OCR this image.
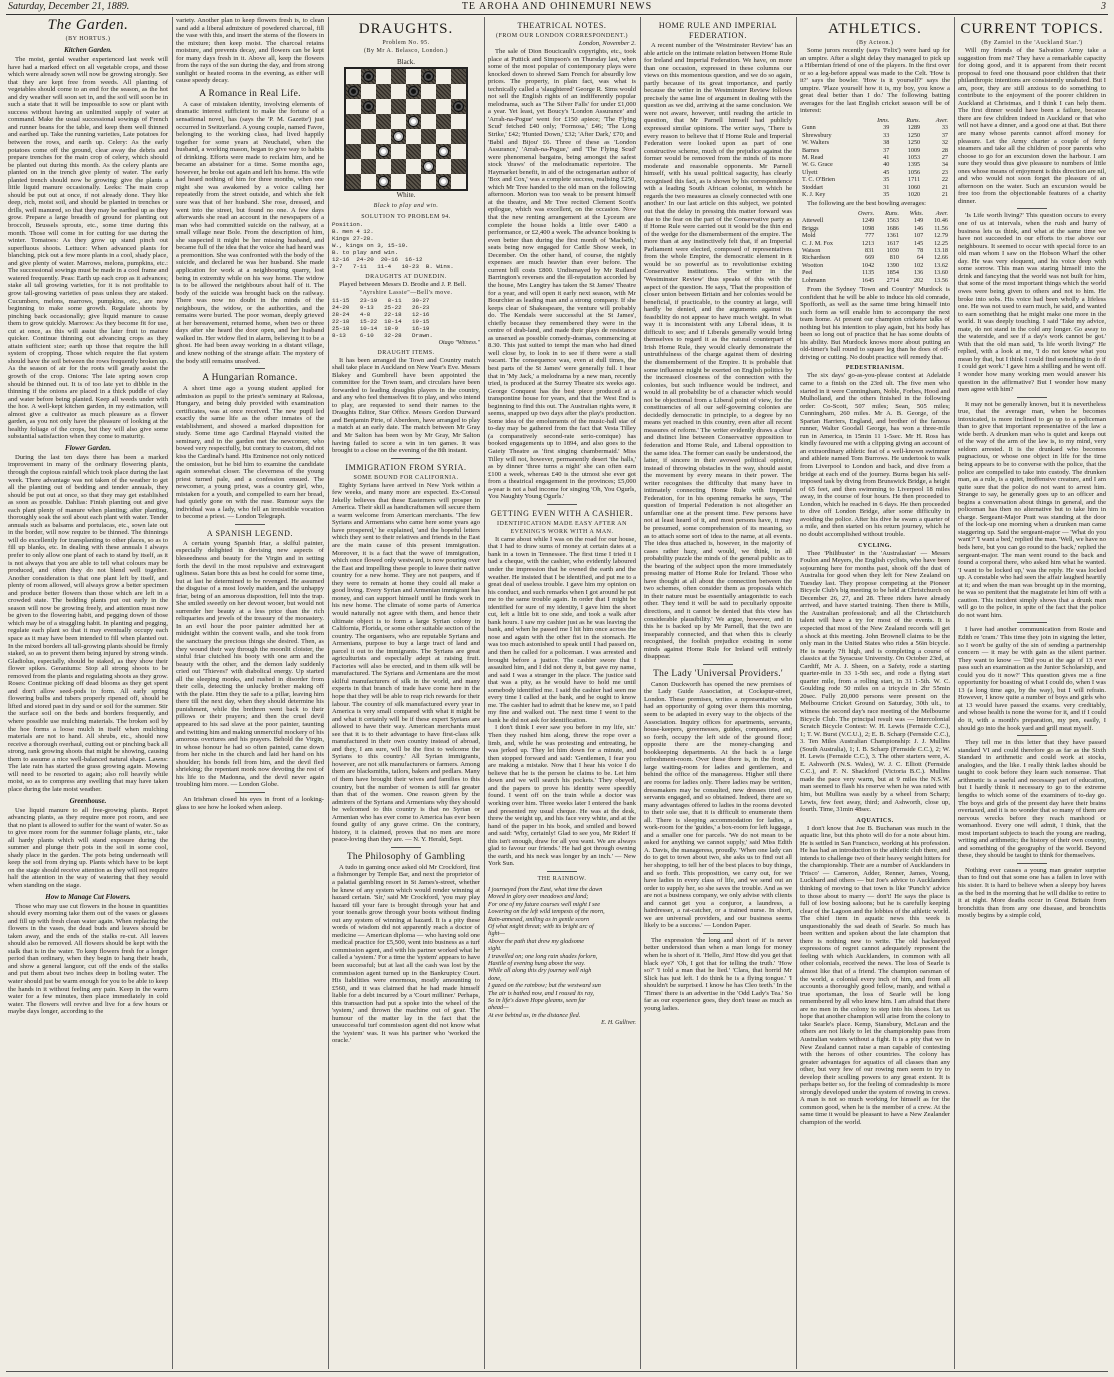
Saturday, December 21, 1889.	TE AROHA AND OHINEMURI NEWS	3
The Garden.
(BY HORTUS.)
Kitchen Garden.

The moist, genial weather experienced last week will have had a marked effect on all vegetable crops, and those which were already sown will now be growing strongly. See that they are kept free from weeds. All planting of vegetables should come to an end for the season, as the hot and dry weather will soon set in, and the soil will soon be in such a state that it will be impossible to sow or plant with success without having an unlimited supply of water at command. Make the usual successional sowings of French and runner beans for the table, and keep them well thinned and earthed up. Take the running varieties, Late potatoes for between the rows, and earth up. Celery: As the early potatoes come off the ground, clear away the debris and prepare trenches for the main crop of celery, which should be planted out during this month. As the celery plants are planted on in the trench give plenty of water. The early planted trench should now be growing: give the plants a little liquid manure occasionally. Leeks: The main crop should be put out at once, if not already done. They like deep, rich, moist soil, and should be planted in trenches or drills, well manured, so that they may be earthed up as they grow. Prepare a large breadth of ground for planting out broccoli, Brussels sprouts, etc., some time during this month. Those will come in for cutting for use during the winter. Tomatoes: As they grow up stand pinch out superfluous shoots. Lettuce: When advanced plants for blanching, pick out a few more plants in a cool, shady place, and give plenty of water. Marrows, melons, pumpkins, etc.: The successional sowings must be made in a cool frame and watered frequently. Peas: Earth up each crop as it advances; stake all tall growing varieties, for it is not profitable to grow tall-growing varieties of peas unless they are staked. Cucumbers, melons, marrows, pumpkins, etc., are now beginning to make some growth. Regulate shoots by pinching back occasionally; give liquid manure to cause them to grow quickly. Marrows: As they become fit for use, cut at once, as this will assist the later fruit to mature quicker. Continue thinning out advancing crops as they attain sufficient size; earth up those that require the hill system of cropping. Those which require the flat system should have the soil between the rows frequently broken up. As the season of air for the roots will greatly assist the growth of the crop. Onions: The late spring sown crop should be thinned out. It is of too late yet to dibble in the thinning if the onions are placed in a thick puddle of clay and water before being planted. Keep all weeds under with the hoe. A well-kept kitchen garden, in my estimation, will almost give a cultivator as much pleasure as a flower garden, as you not only have the pleasure of looking at the healthy foliage of the crops, but they will also give some substantial satisfaction when they come to maturity.

Flower Garden.

During the last ten days there has been a marked improvement in many of the ordinary flowering plants, through the copious rainfall which took place during the last week. There advantage was not taken of the weather to get all the planting out of bedding and tender annuals, they should be put out at once, so that they may get established as soon as possible. Dahlias: Finish planting out and give each plant plenty of manure when planting; after planting, thoroughly soak the soil about each plant with water. Tender annuals such as balsams and portulacas, etc., sown late out in the border, will now require to be thinned. The thinnings will do excellently for transplanting to other places, so as to fill up blanks, etc. In dealing with these annuals I always prefer to only allow one plant of each to stand by itself, as it is not always that you are able to tell what colours may be produced, and often they do not blend well together. Another consideration is that one plant left by itself, and plenty of room allowed, will always grow a better specimen and produce better flowers than those which are left in a crowded state. The bedding plants put out early in the season will now be growing freely, and attention must now be given to the flowering habit, and pegging down of those which may be of a straggling habit. In planting and pegging, regulate each plant so that it may eventually occupy each space as it may have been intended to fill when planted out. In the mixed borders all tall-growing plants should be firmly staked, so as to prevent them being injured by strong winds. Gladiolus, especially, should be staked, as they show their flower spikes. Geraniums: Stop all strong shoots to be removed from the plants and regulating shoots as they grow. Roses: Continue picking off dead blooms as they get spent and don't allow seed-pods to form. All early spring flowering bulbs and tubers properly ripened off, should be lifted and stored past in dry sand or soil for the summer. Stir the surface soil on the beds and borders frequently, and where possible use mulching materials. The broken soil by the hoe forms a loose mulch in itself when mulching materials are not to hand. All shrubs, etc., should now receive a thorough overhaul, cutting out or pinching back all strong, rank growing shoots that might be showing, causing them to assume a nice well-balanced natural shape. Lawns: The late rain has started the grass growing again. Mowing will need to be resorted to again; also roll heavily while moist, so as to compress any swelling that may have taken place during the late moist weather.

Greenhouse.

Use liquid manure to all free-growing plants. Repot advancing plants, as they require more pot room, and see that no plant is allowed to suffer for the want of water. So as to give more room for the summer foliage plants, etc., take all hardy plants which will stand exposure during the summer and plunge their pots in the soil in some cool, shady place in the garden. The pots being underneath will keep the soil from drying up. Plants which have to be kept on the stage should receive attention as they will not require half the attention in the way of watering that they would when standing on the stage.

How to Manage Cut Flowers.

Those who may use cut flowers in the house in quantities should every morning take them out of the vases or glasses and fill up with fresh clean water again. When replacing the flowers in the vases, the dead buds and leaves should be taken away, and the ends of the stalks re-cut. All leaves should also be removed. All flowers should be kept with the stalk that is in the water. To keep flowers fresh for a longer period than ordinary, when they begin to hang their heads, and show a general languor, cut off the ends of the stalks and put them about two inches deep in boiling water. The water should just be warm enough for you to be able to keep the hands in it without feeling any pain. Keep in the warm water for a few minutes, then place immediately in cold water. The flowers will revive and live for a few hours or maybe days longer, according to the

variety. Another plan to keep flowers fresh is, to clean sand add a liberal admixture of powdered charcoal, fill the vase with this, and insert the stems of the flowers in the mixture; then keep moist. The charcoal retains moisture, and prevents decay, and flowers can be kept for many days fresh in it. Above all, keep the flowers from the rays of the sun during the day, and from strong sunlight or heated rooms in the evening, as either will cause speedy decay.

A Romance in Real Life.

A case of mistaken identity, involving elements of dramatic interest sufficient to make the fortune of a sensational novel, has (says the 'P. M. Gazette') just occurred in Switzerland. A young couple, named Favre, belonging to the working class, had lived happily together for some years at Neuchatel, when the husband, a working mason, began to give way to habits of drinking. Efforts were made to reclaim him, and he became an abstainer for a time. Some months ago, however, he broke out again and left his home. His wife had heard nothing of him for three months, when one night she was awakened by a voice calling her repeatedly from the street outside, and which she felt sure was that of her husband. She rose, dressed, and went into the street, but found no one. A few days afterwards she read an account in the newspapers of a man who had committed suicide on the railway, at a small village near Bole. From the description of him, she suspected it might be her missing husband, and became full of the idea that the voice she had heard was a premonition. She was confronted with the body of the suicide, and declared he was her husband. She made application for work at a neighbouring quarry, lost being in extremity while on his way home. The widow is to be allowed the neighbours about half of it. The body of the suicide was brought back on the railway. There was now no doubt in the minds of the neighbours, the widow, or the authorities, and the remains were buried. The poor woman, deeply grieved at her bereavement, returned home, when two or three days after she heard the door open, and her husband walked in. Her widow fled in alarm, believing it to be a ghost. He had been away working in a distant village, and knew nothing of the strange affair. The mystery of the body still remains unsolved.

A Hungarian Romance.

A short time ago a young student applied for admission as pupil to the priest's seminary at Ralossa, Hungary, and being duly provided with examination certificates, was at once received. The new pupil led exactly the same life as the other inmates of the establishment, and showed a marked disposition for study. Some time ago Cardinal Haynald visited the seminary, and in the garden met the newcomer, who bowed very respectfully, but contrary to custom, did not kiss the Cardinal's hand. His Eminence not only noticed the omission, but he bid him to examine the candidate again somewhat closer. The cleverness of the young priest turned pale, and a confession ensued. The newcomer, a young priest, was a country girl, who, mistaken for a youth, and compelled to earn her bread, had quietly gone on with the ruse. Rumour says the individual was a lady, who fell an irresistible vocation to become a priest. — London Telegraph.

A SPANISH LEGEND.

A certain young Spanish friar, a skilful painter, especially delighted in devising new aspects of bleseedness and beauty for the Virgin and in setting forth the devil in the most repulsive and extravagant ugliness. Satan bore this as best he could for some time, but at last he determined to be revenged. He assumed the disguise of a most lovely maiden, and the unhappy friar, being of an amorous disposition, fell into the trap. She smiled sweetly on her devout wooer, but would not surrender her beauty at a less price than the rich reliquaries and jewels of the treasury of the monastery. In an evil hour the poor painter admitted her at midnight within the convent walls, and she took from the sanctuary the precious things she desired. Then, as they wound their way through the moonlit cloister, the sinful friar clutched his booty with one arm and the beauty with the other, and the demon lady suddenly cried out 'Thieves!' with diabolical energy. Up started all the sleeping monks, and rushed in disorder from their cells, detecting the unlucky brother making off with the plate. Him they tie safe to a pillar, leaving him there till the next day, when they should determine his punishment, while the brethren went back to their pillows or their prayers; and then the cruel devil appeared to his sad slave at the poor painter, taunting and twitting him and making unmerciful mockery of his amorous overtures and his prayers. Behold the Virgin, in whose honour he had so often painted, came down from her niche in the church and laid her hand on his shoulder; his bonds fell from him, and the devil fled shrieking; the repentant monk now devoting the rest of his life to the Madonna, and the devil never again troubling him more. — London Globe.

An Irishman closed his eyes in front of a looking-glass to see how he looked when asleep.

DRAUGHTS.
Problem No. 95.
(By Mr A. Belasco, London.)
Black.
White.
Black to play and win.
SOLUTION TO PROBLEM 94.
Position.
B. men 4 12.
Kings 27-28.
W., kings on 3, 15-19.
B. to play and win.
12-16  24-20  20-16  16-12
3-7   7-11   11-4   10-23  B. Wins.
DRAUGHTS AT DUNEDIN.

Played between Messrs D. Brodie and J. P. Bell.

"Ayrshire Lassie"—Bell's move.
11-15   23-19   8-11   30-27
24-20   9-13   25-22   26-23
28-24   4-8    22-18   12-16
22-18   15-22  18-14   19-15
25-18   10-14  18-9    16-19
8-13    6-10   32-28   Drawn.
Otago "Witness."
DRAUGHT ITEMS.

It has been arranged the Town and Country match shall take place in Auckland on New Year's Eve. Messrs Blakey and Gumbrell have been appointed the committee for the Town team, and circulars have been forwarded to leading draughts players in the country, and any who feel themselves fit to play, and who intend to play, are requested to send their names to the Draughts Editor, Star Office. Messrs Gordon Durward and Benjamin Pirie, of Aberdeen, have arranged to play a match at an early date. The match between Mr Gray and Mr Salton has been won by Mr Gray, Mr Salton having failed to score a win in ten games. It was brought to a close on the evening of the 8th instant.

IMMIGRATION FROM SYRIA.
SOME BOUND FOR CALIFORNIA.

Eighty Syrians have arrived in New York within a few weeks, and many more are expected. Ex-Consul Jekelly believes that these Easterners will prosper in America. Their skill as handicraftsmen will secure them a warm welcome from American merchants. 'The few Syrians and Armenians who came here some years ago have prospered,' he explained, 'and the hopeful letters which they sent to their relatives and friends in the East are the main cause of this present immigration. Moreover, it is a fact that the wave of immigration, which once flowed only westward, is now pouring over the East and impelling these people to leave their native country for a new home. They are not paupers, and if they were to remain at home they could all make a good living. Every Syrian and Armenian immigrant has money, and can support himself until he finds work in his new home. The climate of some parts of America would naturally not agree with them, and hence their ultimate object is to form a large Syrian colony in California, Florida, or some other suitable section of the country. The organisers, who are reputable Syrians and Armenians, purpose to buy a large tract of land and parcel it out to the immigrants. The Syrians are great agriculturists and especially adept at raising fruit. Factories will also be erected, and in them silk will be manufactured. The Syrians and Armenians are the most skilful manufacturers of silk in the world, and many experts in that branch of trade have come here in the hope that they will be able to reap rich rewards for their labour. The country of silk manufactured every year in America is very small compared with what it might be and what it certainly will be if these expert Syrians are allowed to have their way. American merchants must see that it is to their advantage to have first-class silk manufactured in their own country instead of abroad, and they, I am sure, will be the first to welcome the Syrians to this country.' All Syrian immigrants, however, are not silk manufacturers or farmers. Among them are blacksmiths, tailors, bakers and pedlars. Many of them have brought their wives and families to this country, but the number of women is still far greater than that of the women. One reason given by the admirers of the Syrians and Armenians why they should be welcomed to this country is that no Syrian or Armenian who has ever come to America has ever been found guilty of any grave crime. On the contrary, history, it is claimed, proves that no men are more peace-loving than they are. — N. Y. Herald, Sept.

The Philosophy of Gambling

A tudo in gaming once asked old Mr Crockford, first a fishmonger by Temple Bar, and next the proprietor of a palatial gambling resort in St James's-street, whether he knew of any system which would render winning at hazard certain. 'Sir,' said Mr Crockford, 'you may play hazard till your fare is brought through your hat and your toenails grow through your boots without finding out any system of winning at hazard. It is a pity these words of wisdom did not apparently reach a doctor of medicine — American diploma — who having sold one medical practice for £5,500, went into business as a turf commission agent, and with his partner worked what he called a 'system.' For a time the 'system' appears to have been successful; but at last all the cash was lost by the commission agent turned up in the Bankruptcy Court. His liabilities were enormous, mostly amounting to £560, and it was claimed that he had made himself liable for a debt incurred by a 'Court milliner.' Perhaps, this transaction had put a spoke into the wheel of the 'system,' and thrown the machine out of gear. The humour of the matter lay in the fact that the unsuccessful turf commission agent did not know what the 'system' was. It was his partner who 'worked the oracle.'

THEATRICAL NOTES.
(FROM OUR LONDON CORRESPONDENT.)
London, November 2.

The sale of Dion Boucicault's copyrights, etc., took place at Puttick and Simpson's on Thursday last, when some of the most popular of contemporary plays were knocked down to shrewd Sam French for absurdly low prices. The property, in plain fact, was what is technically called a 'slaughtered' George R. Sims would not sell the English rights of an indifferently popular melodrama, such as 'The Silver Falls' for under £1,000 a year. Yet least, yet Boucy's 'London Assurance' and 'Arrah-na-Pogue' went for £150 apiece; 'The Flying Scud' fetched £40 only; 'Formosa,' £46; 'The Long Strike,' £42; 'Hunted Down,' £32; 'After Dark,' £70; and 'Babil and Bijou' £6. Three of these as 'London Assurance,' 'Arrah-na-Pogue,' and 'The Flying Scud' were phenomenal bargains, being amongst the safest stock 'draws' of the melodramatic repertoire. The Haymarket benefit, in aid of the octogenarian author of 'Box and Cox,' was a complete success, realising £250, which Mr Tree handed to the old man on the following afternoon. Morton was too weak to be present himself at the theatre, and Mr Tree recited Clement Scott's epilogue, which was excellent, on the occasion. Now that the new renting arrangement at the Lyceum are complete the house holds a little over £400 a performance, or £2,400 a week. The advance booking is even better than during the first month of 'Macbeth,' seats being now engaged for Cattle Show week, in December. On the other hand, of course, the nightly expenses are much heavier than ever before. The current bill costs £800. Undismayed by Mr Rutland Barrington's reverses and the ill-reputation accorded by the house, Mrs Langtry has taken the St James' Theatre for a year, and will open it early next season, with Mr Bourchier as leading man and a strong company. If she keeps clear of Shakespeare, the venture will probably do. The Kendals were successful at the St James', chiefly because they remembered they were in the centre of drab-land, and made their plays de resistance as unsexed as possible comedy-dramas, commencing at 8.30. This just suited to tempt the man who had dined well close by, to look in to see if there were a stall vacant. The consequence was, even at dull times, the best parts of the St James' were generally full. I hear that in 'My Jack,' a melodrama by a new man, recently tried, is produced at the Surrey Theatre six weeks ago. George Conquest has the best piece produced at a transpontine house for years, and that the West End is beginning to find this out. The Australian rights were, it seems, snapped up two days after the play's production. Some idea of the emoluments of the music-hall star of to-day may be gathered from the fact that Vesta Tilley (a comparatively second-rate serio-comique) has booked engagements up to 1894, and also goes to the Gaiety Theatre as 'first singing chambermaid.' Miss Tilley will not, however, permanently desert 'the halls,' as by dinner 'three turns a night' she can often earn £100 a week, whereas £40 is the utmost she ever got from a theatrical engagement in the provinces; £5,000 a-year is not a bad income for singing 'Oh, You Ogurls, You Naughty Young Ogurls.'

GETTING EVEN WITH A CASHIER.
IDENTIFICATION MADE EASY AFTER AN EVENING'S WORK WITH A MAN.

It came about while I was on the road for our house, that I had to draw sums of money at certain dates at a bank in a town in Tennessee. The first time I tried it I had a cheque, with the cashier, who evidently laboured under the impression that he owned the earth and the weather. He insisted that I be identified, and put me to a great deal of useless trouble. I gave him my opinion on his conduct, and such remarks when I got around he put me to the same trouble again. In order that I might be identified for sure of my identity, I gave him the short cut, left a little bit to one side, and took a walk after bank hours. I saw my cashier just as he was leaving the bank, and when he passed me I hit him once across the nose and again with the other fist in the stomach. He was too much astonished to speak until I had passed on, and then he called for a policeman. I was arrested and brought before a justice. The cashier swore that I assaulted him, and I did not deny it, but gave my name, and said I was a stranger in the place. The justice said that was a pity, as he would have to hold me until somebody identified me. I said the cashier had seen me every time I called at the bank, and he ought to know me. The cashier had to admit that he knew me, so I paid my fine and walked out. The next time I went to the bank he did not ask for identification.

I don't think I ever saw you before in my life, sir.' Then they rushed him along, threw the rope over a limb, and, while he was protesting and entreating, he was jerked up. They let him down for a minute, and then stopped forward and said: 'Gentlemen, I fear you are making a mistake. Now that I hear his voice I do believe that he is the person he claims to be. Let him down and we will search his pockets.' They obeyed, and the papers to prove his identity were speedily found. I went off on the train while a doctor was working over him. Three weeks later I entered the bank and presented my usual cheque. He was at the desk, threw the weight up, and his face very white, and at the hand of the paper in his book, and smiled and bowed and said: 'Why, certainly! Glad to see you, Mr Rider! If this isn't enough, draw for all you want. We are always glad to favour our friends.' He had got through owning the earth, and his neck was longer by an inch.' — New York Sun.

THE RAINBOW.
I journeyed from the East, what time the dawn
Moved in glory over meadows and land;
For one of my future courses well might I see
Lowering on the left wild tempests of the morn,
Rain-annexed, smiling as in gentle scorn
Of what might threat; with its bright arc of
light—
Above the path that drew my gladsome
sight.
I travelled on; one long rain shades forlorn,
Hastile of evening hung above the way.
While all along this dry journey well nigh
done,
I gazed on the rainbow; but the westward sun
The air is bathed now, and I roused its ray,
So in life's dawn Hope gleams, seen far
ahead—
At eve behind us, in the distance fled.
E. H. Gulliver.
HOME RULE AND IMPERIAL FEDERATION.

A recent number of the 'Westminster Review' has an able article on the intimate relation between Home Rule for Ireland and Imperial Federation. We have, on more than one occasion, expressed in these columns our views on this momentous question, and we do so again, partly because of its great importance, and partly because the writer in the Westminster Review follows precisely the same line of argument in dealing with the question as we did, arriving at the same conclusion. We were not aware, however, until reading the article in question, that Mr Parnell himself had publicly expressed similar opinions. The writer says, 'There is every reason to believe that if Home Rule and Imperial Federation were looked upon as part of one constructive scheme, much of the prejudice against the former would be removed from the minds of its more moderate and reasonable opponents. Mr Parnell himself, with his usual political sagacity, has clearly recognised this fact, as is shown by his correspondence with a leading South African colonist, in which he regards the two measures as closely connected with one another.' In our last article on this subject, we pointed out that the delay in pressing this matter forward was due to the fear on the part of the Conservative party as if Home Rule were carried out it would be the thin end of the wedge for the dismemberment of the empire. The more than at any instinctively felt that, if an Imperial Parliament were elected, composed of representatives from the whole Empire, the democratic element in it would be so powerful as to revolutionise existing Conservative institutions. The writer in the 'Westminster Review' thus speaks of this with the aspect of the question. He says, 'That the proposition of closer union between Britain and her colonies would be beneficial, if practicable, to the country at large, will hardly be denied, and the arguments against its feasibility do not appear to have much weight. In what way it is inconsistent with any Liberal ideas, it is difficult to see; and if Liberals generally would bring themselves to regard it as the natural counterpart of Irish Home Rule, they would clearly demonstrate the untruthfulness of the charge against them of desiring the dismemberment of the Empire. It is probable that some influence might be exerted on English politics by the increased closeness of the connection with the colonies, but such influence would be indirect, and would in all probability be of a character which would not be objectional from a Liberal point of view, for the constituencies of all our self-governing colonies are decidedly democratic in principle, to a degree by no means yet reached in this country, even after all recent measures of reform.' The writer evidently draws a clear and distinct line between Conservative opposition to federation and Home Rule, and Liberal opposition to the same idea. The former can easily be understood, the latter, if sincere in their avowed political opinion, instead of throwing obstacles in the way, should assist the movement by every means in their power. The writer recognises the difficulty that many have in intimately connecting Home Rule with Imperial Federation, for in his opening remarks he says, 'The question of Imperial Federation is not altogether an unfamiliar one at the present time. Few persons have not at least heard of it, and most persons have, it may be presumed, some comprehension of its meaning, so as to attach some sort of idea to the name, at all events. The idea thus attached is, however, in the majority of cases rather hazy, and would, we think, in all probability puzzle the minds of the general public as to the bearing of the subject upon the more immediately pressing matter of Home Rule for Ireland. Those who have thought at all about the connection between the two schemes, often consider them as proposals which in their nature must be essentially antagonistic to each other. They tend it will be said to peculiarly opposite directions, and it cannot be denied that this view has considerable plausibility.' We argue, however, and in this he is backed up by Mr Parnell, that the two are inseparably connected, and that when this is clearly recognised, the foolish prejudice existing in some minds against Home Rule for Ireland will entirely disappear.

The Lady 'Universal Providers.'

Canon Duckworth has opened the new premises of the Lady Guide Association, at Cockspur-street, London. These premises, writes a representative who had an opportunity of going over them this morning, seem to be adapted in every way to the objects of the Association. Inquiry offices for apartments, servants, house-keepers, governesses, guides, companions, and so forth, occupy the left side of the ground floor; opposite there are the money-changing and bookkeeping departments. At the back is a large refreshment-room. Over these there is, in the front, a large waiting-room for ladies and gentlemen, and behind the office of the manageress. Higher still there are rooms for ladies only. There ladies may be written, dressmakers may be consulted, new dresses tried on, servants engaged, and so obtained. Indeed, there are so many advantages offered to ladies in the rooms devoted to their sole use, that it is difficult to enumerate them all. There is sleeping accommodation for ladies, a work-room for the 'guides,' a box-room for left luggage, and a smaller one for parcels. 'We do not mean to be asked for anything we cannot supply,' said Miss Edith A. Davis, the manageress, proudly. 'When one lady can do to get to town about two, she asks us to find out all her shopping, to tell her of the best places to buy things, and so forth. This proposition, we carry out, for we have ladies in every class of life, and we send out an order to supply her, so she saves the trouble. And as we are not a business company, we only advise with clients and cannot get you a conjuror, a laundress, a hairdresser, a rat-catcher, or a trained nurse. In short, we are universal providers, and our business seems likely to be a success.' — London Paper.

The expression 'the long and short of it' is never better understood than when a man longs for money when he is short of it. 'Hello, Jim! How did you get that black eye?' 'Oh, I got that for telling the truth.' 'How so?' 'I told a man that he lied.' 'Clara, that horrid Mr Slick has just left. I do think he is a flying tongue.' 'I shouldn't be surprised. I know he has Cleo teeth.' In the 'Times' there is an advertise in the 'Odd Lady's Tea.' So far as our experience goes, they don't tease as much as young ladies.

ATHLETICS.
(By Acteon.)

Some jurors recently (says 'Felix') were hard up for an umpire. After a slight delay they managed to pick up a Hibernian friend of one of the players. In the first over or so a leg-before appeal was made to the Celt. 'How is it?' says the bowler. 'How is it yourself?' says the umpire. 'Plaze yourself how it is, my boy, you know a great deal better than I do.' The following batting averages for the last English cricket season will be of interest:

	Inns.	Runs.	Aver.
Gunn	39	1289	33
Shrewsbury	33	1250	37
W. Walters	38	1250	32
Barnes	37	1009	28
M. Read	41	1053	27
W. G. Grace	40	1395	34
Ulyett	45	1056	23
T. C. O'Brien	35	1711	22
Stoddart	31	1060	21
K. J. Key	35	1020	21

The following are the best bowling averages:

	Overs.	Runs.	Wkts.	Aver.
Attewell	1249	1563	149	10.46
Briggs	1098	1686	146	11.56
Mold	777	1361	107	12.79
C. J. M. Fox	1213	1617	145	12.25
Watson	831	1030	78	13.18
Richardson	669	810	64	12.66
Wootton	1042	1390	102	13.62
Peel	1135	1854	136	13.60
Lohmann	1645	2714	202	13.56

From the Sydney 'Town and Country' Murdock is confident that he will be able to induce his old comrade, Spofforth, as well as the same time bring himself into such form as will enable him to accompany the next team home. At present our champion cricketer talks of nothing but his intention to play again, but his body has been so long out of practice that he has some doubts of his ability. But Murdock knows more about putting an old-timer's ball round to square leg than he does of off-driving or cutting. No doubt practice will remedy that.

PEDESTRIANISM.

The six days' go-as-you-please contest at Adelaide came to a finish on the 23rd ult. The five men who started in it were Cunningham, Noble, Forbes, Hood and Mulholland, and the others finished in the following order: Co-Scott, 507 miles; Sean, 505 miles; Cunningham, 260 miles. Mr A. B. George, of the Spartan Harriers, England, and brother of the famous runner, Walter Goodall George, has won a three-mile run in America, in 15min 11 1-5sec. Mr H. Ross has kindly favoured me with a clipping giving an account of an extraordinary athletic feat of a well-known swimmer and athlete named Tom Burrows. He undertook to walk from Liverpool to London and back, and dive from a bridge at each end of the journey. Burns began his self-imposed task by diving from Brunswick Bridge, a height of 65 feet, and then swimming to Liverpool 18 miles away, in the course of four hours. He then proceeded to London, which he reached in 6 days. He then proceeded to dive off London Bridge, after some difficulty in avoiding the police. After his dive he swam a quarter of a mile, and then started on his return journey, which he no doubt accomplished without trouble.

CYCLING.

Thee 'Philibuster' in the 'Australasian' — Messrs Foulon and Meyers, the English cyclists, who have been sojourning here for months past, shook off the dust of Australia for good when they left for New Zealand on Tuesday last. They propose competing at the Pioneer Bicycle Club's big meeting to be held at Christchurch on December 26, 27, and 28. Three riders have already arrived, and have started training. Then there is Mills, the Australian professional; and all the Christchurch talent will have a try for most of the events. It is expected that most of the New Zealand records will get a shock at this meeting. John Brownell claims to be the only man in the United States who rides a 56in bicycle. He is nearly 7ft high, and is completing a course of classics at the Syracuse University. On October 23rd, at Cardiff, Mr A. J. Sheen, on a Safety, rode a starting quarter-mile in 33 1-5th sec, and rode a flying start quarter mile, from a rolling start, in 31 1-5th. W. C. Goulding rode 50 miles on a tricycle in 2hr 55min 20sec. Fully 20,000 persons were present on the Melbourne Cricket Ground on Saturday, 30th ult., to witness the second day's race meeting of the Melbourne Bicycle Club. The principal result was — Intercolonial Scratch Bicycle Contest: W. H. Lewis (Fernside C.C.), 1; T. W. Burst (V.C.U.), 2; E. B. Scharp (Fernside C.C.), 3. Ten Miles Australian Championship: J. J. Mullins (South Australia), 1; I. B. Scharp (Fernside C.C.), 2; W. H. Lewis (Fernside C.C.), 3. The other starters were, A. E. Ashworth (N.S. Wales), W. J. C. Elliott (Fernside C.C.), and F. N. Shackford (Victoria B.C.). Mullins made the pace very warm, but at 9 miles the N.S.W. man seemed to flash his reserve when he was rated with him, but Mullins was easily by a wheel from Scharp; Lewis, few feet away, third; and Ashworth, close up, fourth. Time, 31min 48sec.

AQUATICS.

I don't know that Joe B. Buchanan was much in the aquatic line, but this photo will do for a note about him. He is settled in San Francisco, working at his profession. He has had an introduction to the athletic club there, and intends to challenge two of their heavy weight hitters for the championship. Their are a number of Aucklanders in 'Frisco' — Cameron, Adder, Renner, James, Young, Luckhard and others — but Joe's advice to Aucklanders thinking of moving to that town is like 'Punch's' advice to those about to marry — don't! He says the place is full of low boxing saloons; but he is carefully keeping clear of the Lagoon and the lobbies of the athletic world. The chief item in aquatic news this week is unquestionably the sad death of Searle. So much has been written and spoken about the late champion that there is nothing new to write. The old hackneyed expressions of regret cannot adequately represent the feeling with which Aucklanders, in common with all other colonials, received the news. The loss of Searle is almost like that of a friend. The champion oarsman of the world, a colonial every inch of him, and from all accounts a thoroughly good fellow, manly, and withal a true sportsman, the loss of Searle will be long remembered by all who knew him. I am afraid that there are no men in the colony to step into his shoes. Let us hope that another champion will arise from the colony to take Searle's place. Kemp, Stansbury, McLean and the others are not likely to let the championship pass from Australian waters without a fight. It is a pity that we in New Zealand cannot raise a man capable of contesting with the heroes of other countries. The colony has greater advantages for aquatics of all classes than any other, but very few of our rowing men seem to try to develop their sculling powers to any great extent. It is perhaps better so, for the feeling of comradeship is more strongly developed under the system of rowing in crews. A man is not so much working for himself as for the common good, when he is the member of a crew. At the same time it would be pleasant to have a New Zealander champion of the world.

CURRENT TOPICS.
(By Zamiel in the 'Auckland Star.')

Will my friends of the Salvation Army take a suggestion from me? They have a remarkable capacity for doing good, and it is apparent from their recent proposal to feed one thousand poor children that their philanthropic intentions are consistently unabated. But I am, poor, they are still anxious to do something to contribute to the enjoyment of the poorer children in Auckland at Christmas, and I think I can help them. The first dinner would have been a failure, because there are few children indeed in Auckland or that who will not have a dinner, and a good one at that. But there are many whose parents cannot afford money for pleasure. Let the Army charter a couple of ferry steamers and take all the children of poor parents who choose to go for an excursion down the harbour. I am sure they would thus give pleasure to numbers of little ones whose means of enjoyment is this direction are nil, and who would not soon forget the pleasure of an afternoon on the water. Such an excursion would be free too from the objectionable features of a charity dinner.

'Is Life worth living?' This question occurs to every one of us at intervals, when the rush and hurry of business lets us think, and what at the same time we have not succeeded in our efforts to rise above our neighbours. It seemed to occur with special force to an old man whom I saw on the Hobson Wharf the other day. He was very eloquent, and his voice deep with some sorrow. This man was staring himself into the drink and fancying that the world was not built for him, that some of the most important things which the world owes were being given to others and not to him. He broke into sobs. His voice had been wholly a lifeless one. He was not used to earn much, he said, and wanted to earn something that he might make one more in the world. It was deeply touching. I said 'Take my advice, mate, do not stand in the cold any longer. Go away to the waterside, and see if a day's work cannot be got.' With that the old man said, 'Is life worth living?' He replied, with a look at me, 'I do not know what you mean by that, but I think I could find something to do if I could get work.' I gave him a shilling and he went off. I wonder how many working men would answer his question in the affirmative? But I wonder how many men agree with him?

It may not be generally known, but it is nevertheless true, that the average man, when he becomes intoxicated, is more inclined to go up to a policeman than to give that important representative of the law a wide berth. A drunken man who is quiet and keeps out of the way of the arm of the law is, to my mind, very seldom arrested. It is the drunkard who becomes pugnacious, or whose one object in life for the time being appears to be to converse with the police, that the police are compelled to take into custody. The drunken man, as a rule, is a quiet, inoffensive creature, and I am quite sure that the police do not want to arrest him. Strange to say, he generally goes up to an officer and begins a conversation about things in general, and the policeman has then no alternative but to take him in charge. Sergeant-Major Pratt was standing at the door of the lock-up one morning when a drunken man came staggering up. Said the sergeant-major — 'What do you want?' 'I want a bed,' replied the man. 'Well, we have no beds here, but you can go round to the back,' replied the sergeant-major. The man went round to the back and found a corporal there, who asked him what he wanted. 'I want to be locked up,' was the reply. He was locked up. A constable who had seen the affair laughed heartily at it; and when the man was brought up in the morning, he was so penitent that the magistrate let him off with a caution. This incident simply shows that a drunk man will go to the police, in spite of the fact that the police do not want him.

I have had another communication from Rosie and Edith re 'cram.' This time they join in signing the letter, so I won't be guilty of the sin of sending a partnership concern — it may be with gain as the silent partner. They want to know — 'Did you at the age of 13 ever pass such an examination as the Junior Scholarship, and could you do it now?' This question gives me a fine opportunity for boasting of what I could do, when I was 13 (a long time ago, by the way), but I will refrain. However, I know quite a number of boys and girls who at 13 would have passed the exams. very creditably, and whose health is none the worse for it, and if I could do it, with a month's preparation, my pen, easily, I should go into the hook yard and grill meat myself.

They tell me in this letter that they have passed standard VI and could therefore go as far as the Sixth Standard in arithmetic and could work at stocks, analogies, and the like. I really think ladies should be taught to cook before they learn such nonsense. That arithmetic is a useful and necessary part of education, but I hardly think it necessary to go to the extreme lengths to which some of the examiners of to-day go. The boys and girls of the present day have their brains overtaxed, and it is no wonder that so many of them are nervous wrecks before they reach manhood or womanhood. Every one will admit, I think, that the most important subjects to teach the young are reading, writing and arithmetic; the history of their own country, and something of the geography of the world. Beyond these, they should be taught to think for themselves.

Nothing ever causes a young man greater surprise than to find out that some one has a fallen in love with his sister. It is hard to believe when a sleepy boy haves as the bed in the morning that he will dislike to retire to it at night. More deaths occur in Great Britain from bronchitis than from any one disease, and bronchitis mostly begins by a simple cold,
